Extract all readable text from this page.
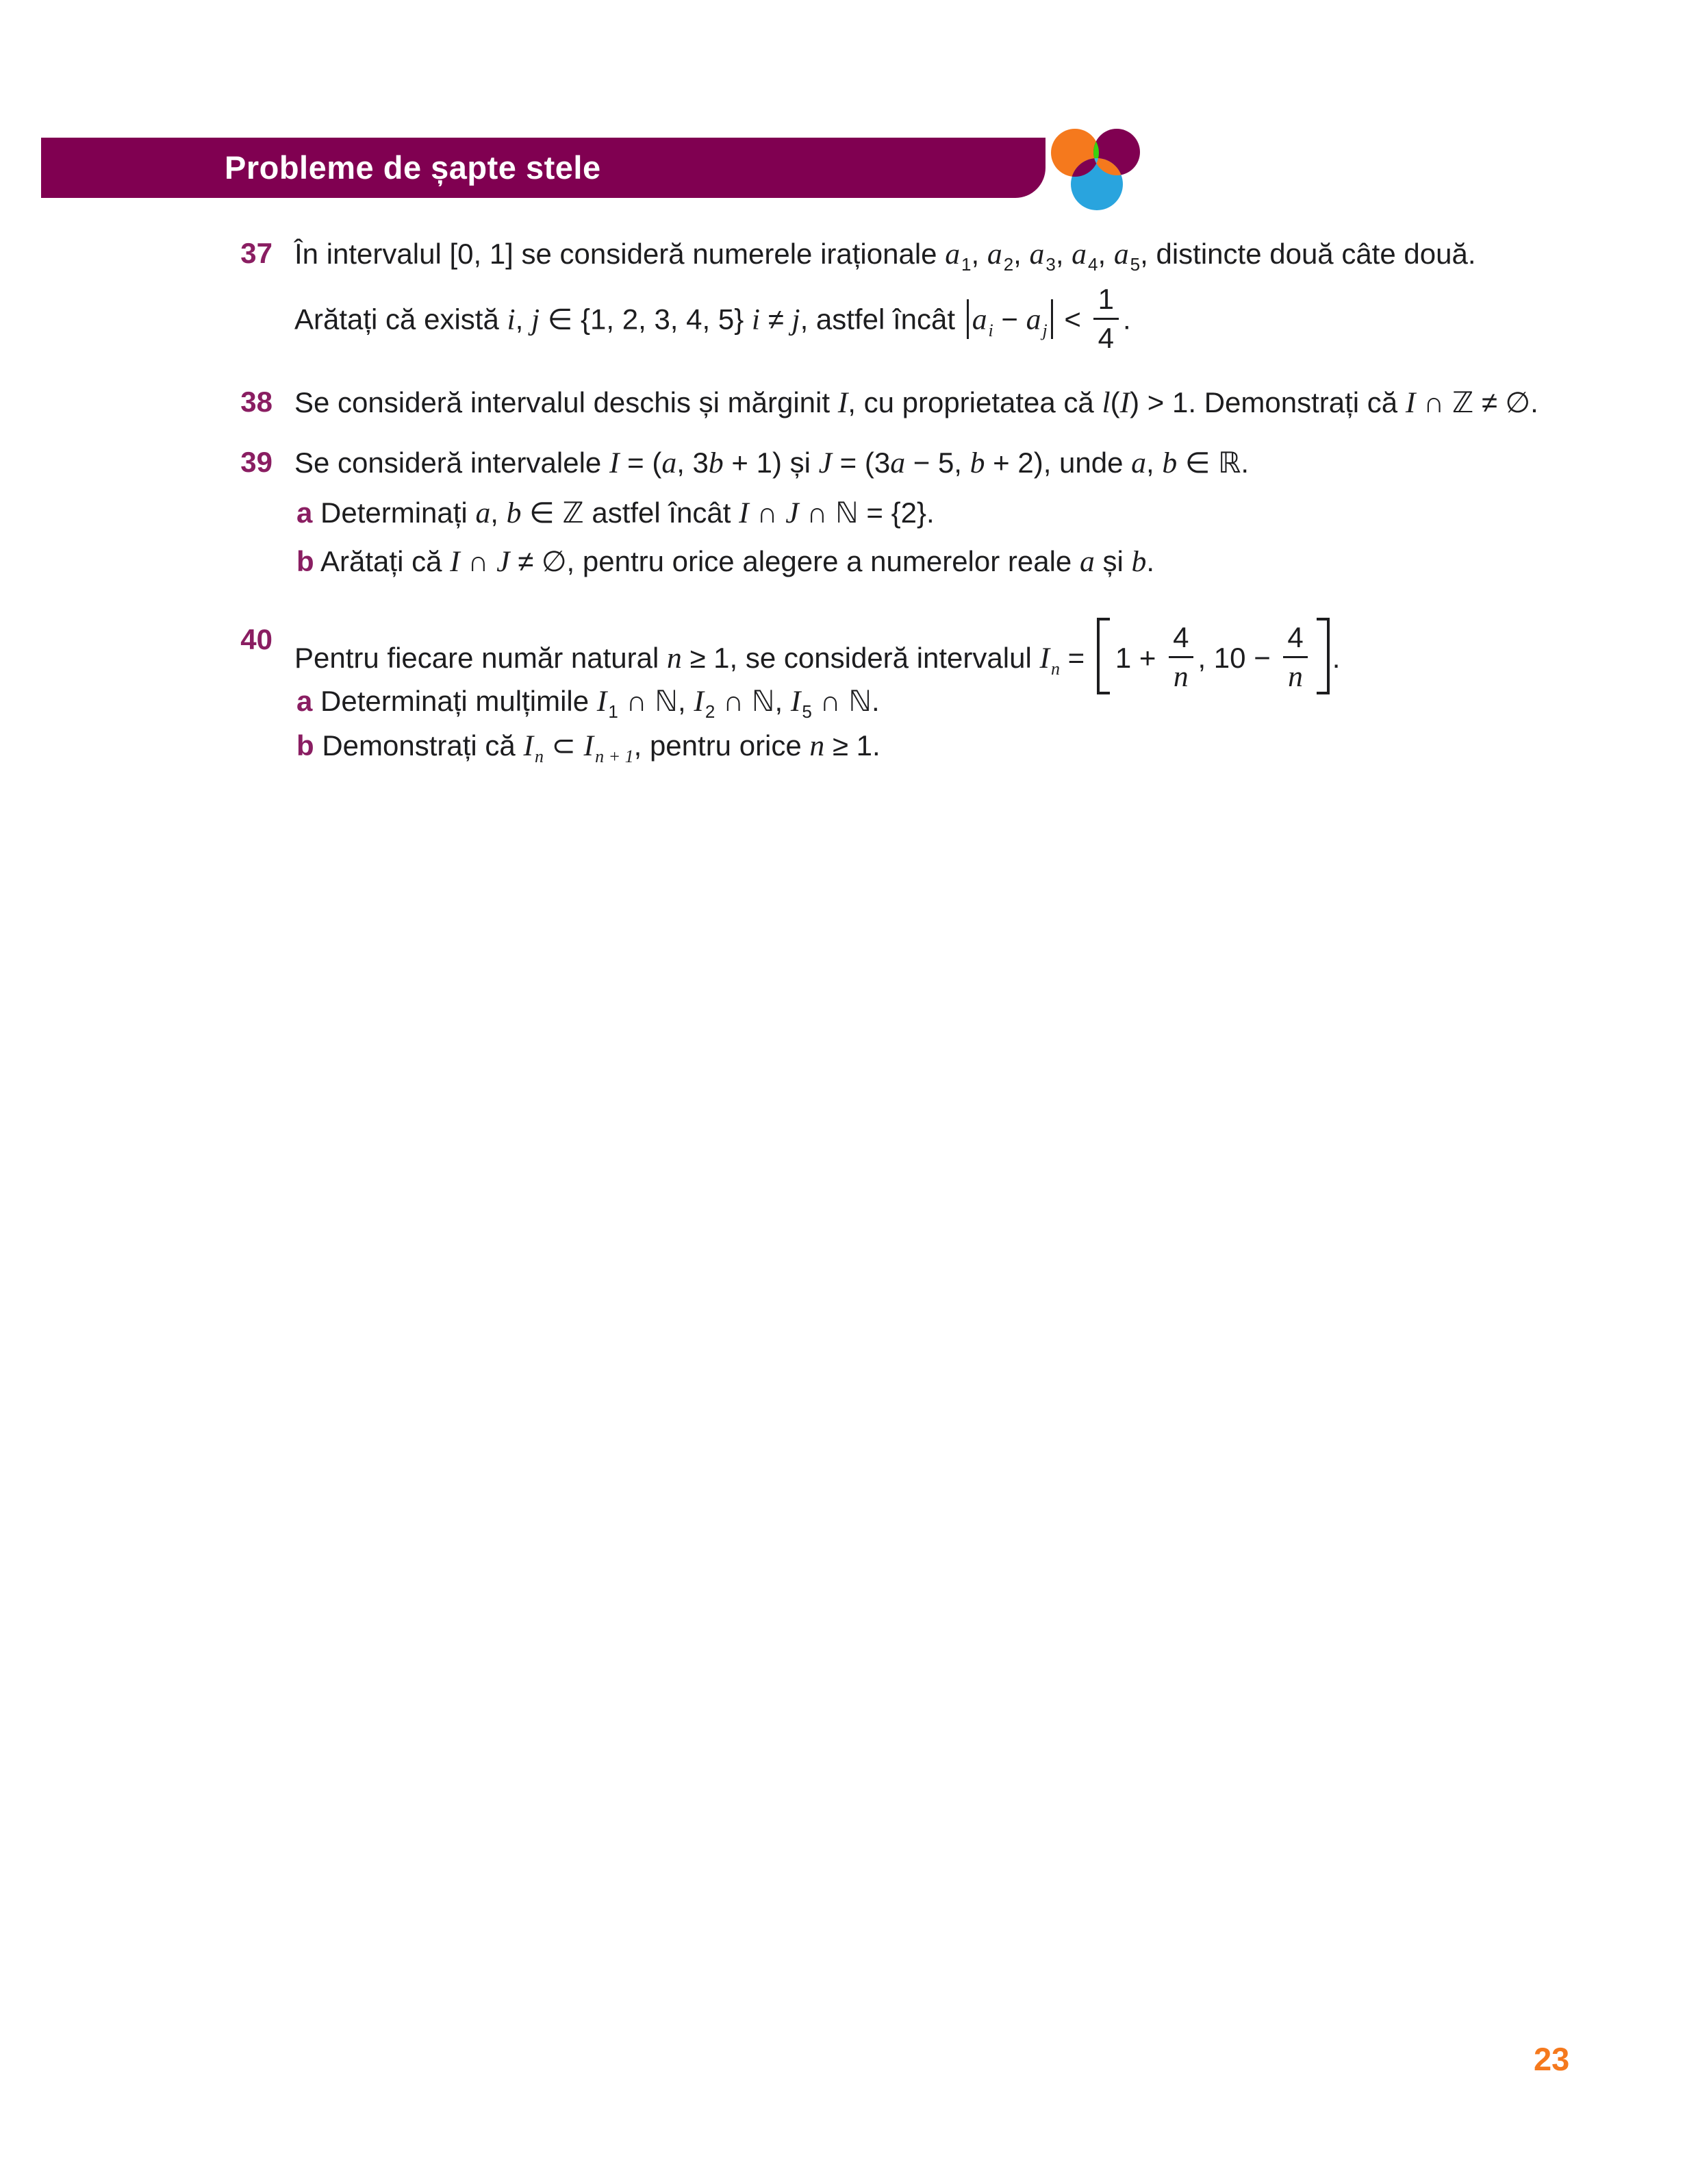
Probleme de șapte stele
37 În intervalul [0, 1] se consideră numerele iraționale $a_1$, $a_2$, $a_3$, $a_4$, $a_5$, distincte două câte două.
Arătați că există i, j ∈ {1, 2, 3, 4, 5} i ≠ j, astfel încât $a_i - a_j < \frac{1}{4}$ .
38 Se consideră intervalul deschis și mărginit I, cu proprietatea că l(I) > 1. Demonstrați că I ∩ ℤ ≠ ∅.
39 Se consideră intervalele I = (a, 3b + 1) și J = (3a − 5, b + 2), unde a, b ∈ ℝ.
a Determinați a, b ∈ ℤ astfel încât I ∩ J ∩ ℕ = {2}.
b Arătați că I ∩ J ≠ ∅, pentru orice alegere a numerelor reale a și b.
40
Pentru fiecare număr natural n ≥ 1, se consideră intervalul $I_n = 1 + \frac{4}{n}$ , $10 - \frac{4}{n}$ .
a Determinați mulțimile $I_1$ ∩ ℕ, $I_2$ ∩ ℕ, $I_5$ ∩ ℕ.
b Demonstrați că $I_n$ ⊂ $I_{n + 1}$, pentru orice n ≥ 1.
23
